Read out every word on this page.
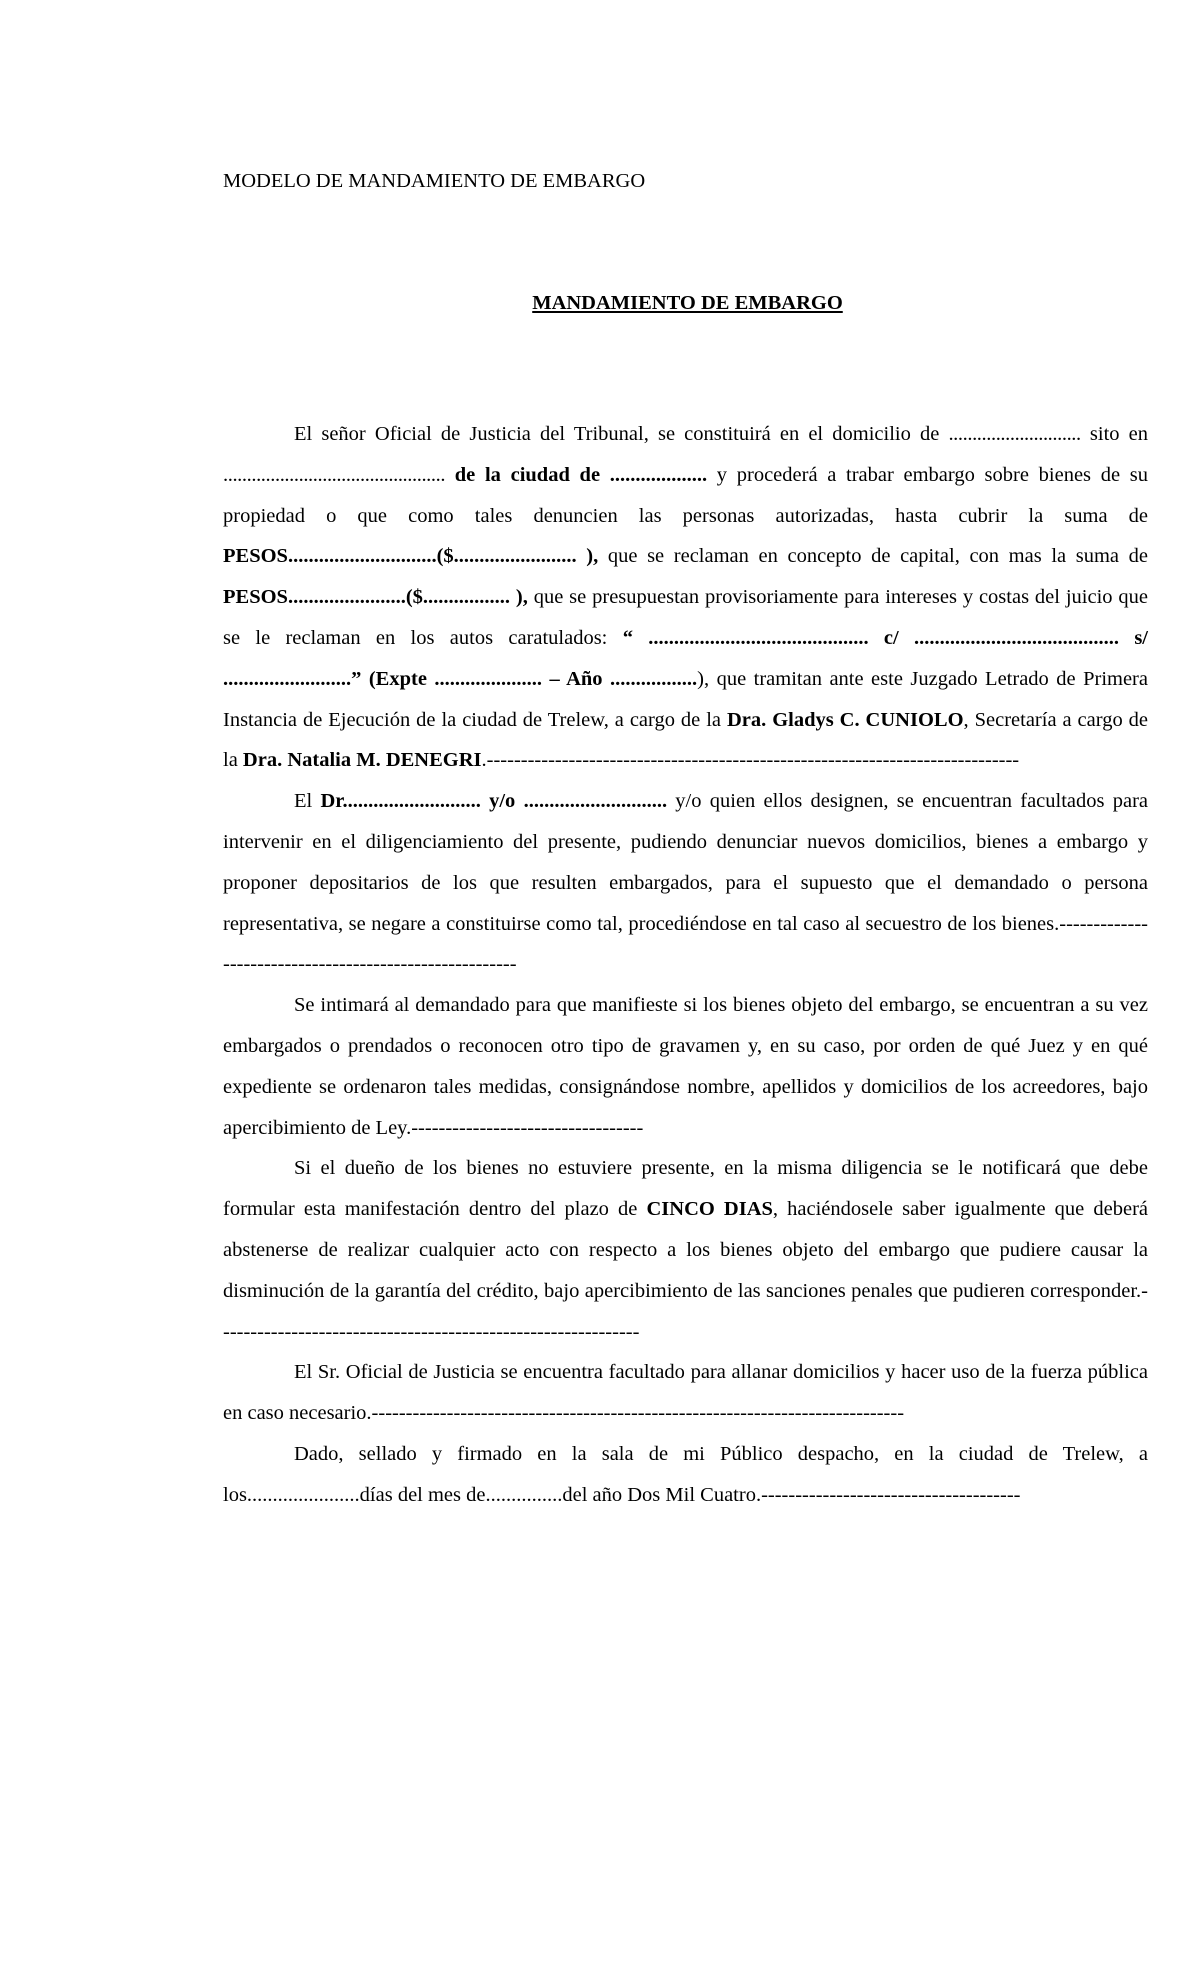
MODELO DE MANDAMIENTO DE EMBARGO
MANDAMIENTO DE EMBARGO

El señor Oficial de Justicia del Tribunal, se constituirá en el domicilio de ............................ sito en ............................................... de la ciudad de ................... y procederá a trabar embargo sobre bienes de su propiedad o que como tales denuncien las personas autorizadas, hasta cubrir la suma de PESOS.............................($........................ ), que se reclaman en concepto de capital, con mas la suma de PESOS.......................($................. ), que se presupuestan provisoriamente para intereses y costas del juicio que se le reclaman en los autos caratulados: “ ........................................... c/ ........................................ s/ .........................” (Expte ..................... – Año .................), que tramitan ante este Juzgado Letrado de Primera Instancia de Ejecución de la ciudad de Trelew, a cargo de la Dra. Gladys C. CUNIOLO, Secretaría a cargo de la Dra. Natalia M. DENEGRI.------------------------------------------------------------------------------

El Dr........................... y/o ............................ y/o quien ellos designen, se encuentran facultados para intervenir en el diligenciamiento del presente, pudiendo denunciar nuevos domicilios, bienes a embargo y proponer depositarios de los que resulten embargados, para el supuesto que el demandado o persona representativa, se negare a constituirse como tal, procediéndose en tal caso al secuestro de los bienes.--------------------------------------------------------

Se intimará al demandado para que manifieste si los bienes objeto del embargo, se encuentran a su vez embargados o prendados o reconocen otro tipo de gravamen y, en su caso, por orden de qué Juez y en qué expediente se ordenaron tales medidas, consignándose nombre, apellidos y domicilios de los acreedores, bajo apercibimiento de Ley.----------------------------------

Si el dueño de los bienes no estuviere presente, en la misma diligencia se le notificará que debe formular esta manifestación dentro del plazo de CINCO DIAS, haciéndosele saber igualmente que deberá abstenerse de realizar cualquier acto con respecto a los bienes objeto del embargo que pudiere causar la disminución de la garantía del crédito, bajo apercibimiento de las sanciones penales que pudieren corresponder.--------------------------------------------------------------

El Sr. Oficial de Justicia se encuentra facultado para allanar domicilios y hacer uso de la fuerza pública en caso necesario.------------------------------------------------------------------------------

Dado, sellado y firmado en la sala de mi Público despacho, en la ciudad de Trelew, a los......................días del mes de...............del año Dos Mil Cuatro.--------------------------------------
